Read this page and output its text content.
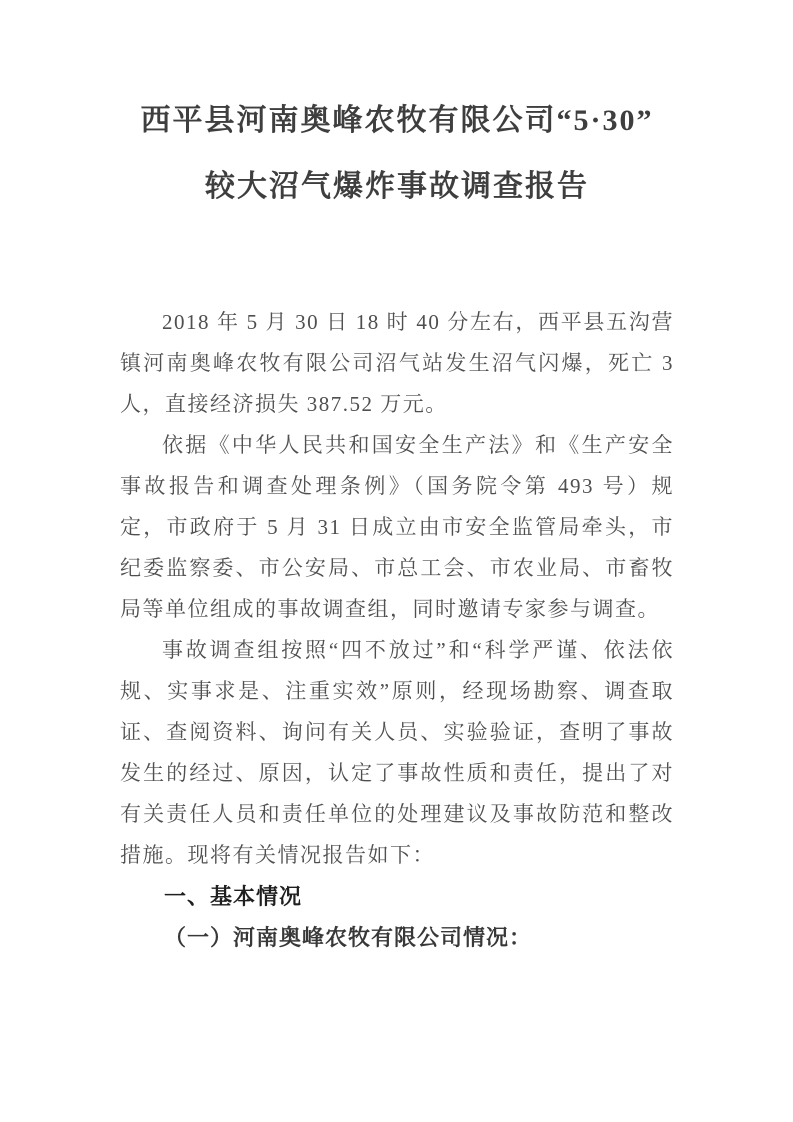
西平县河南奥峰农牧有限公司“5·30”
较大沼气爆炸事故调查报告

2018 年 5 月 30 日 18 时 40 分左右，西平县五沟营镇河南奥峰农牧有限公司沼气站发生沼气闪爆，死亡 3 人，直接经济损失 387.52 万元。

依据《中华人民共和国安全生产法》和《生产安全事故报告和调查处理条例》（国务院令第 493 号）规定，市政府于 5 月 31 日成立由市安全监管局牵头，市纪委监察委、市公安局、市总工会、市农业局、市畜牧局等单位组成的事故调查组，同时邀请专家参与调查。

事故调查组按照“四不放过”和“科学严谨、依法依规、实事求是、注重实效”原则，经现场勘察、调查取证、查阅资料、询问有关人员、实验验证，查明了事故发生的经过、原因，认定了事故性质和责任，提出了对有关责任人员和责任单位的处理建议及事故防范和整改措施。现将有关情况报告如下：

一、基本情况
（一）河南奥峰农牧有限公司情况：
